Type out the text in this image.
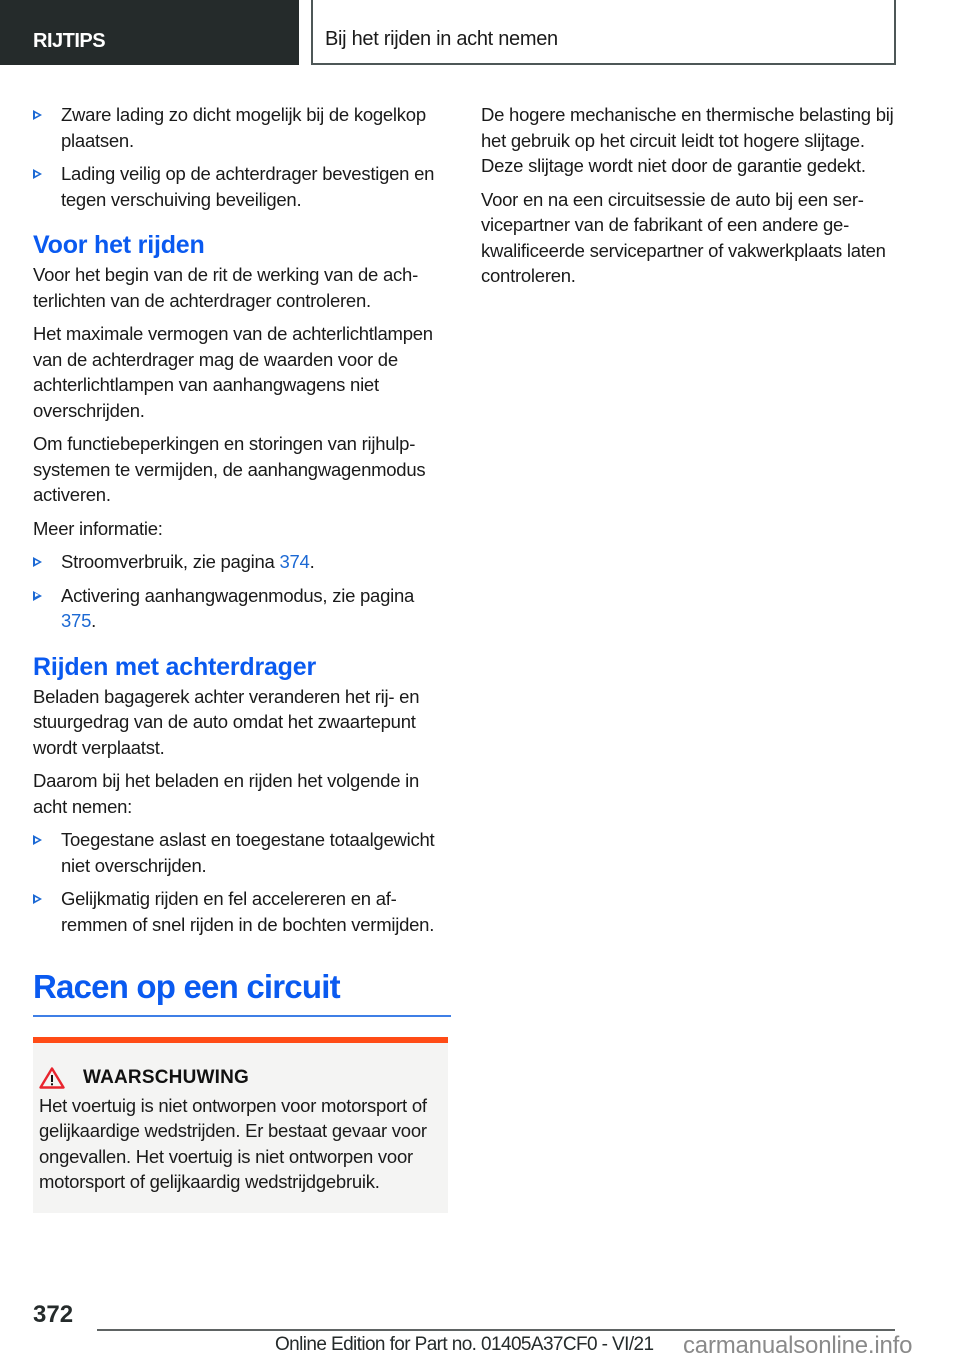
RIJTIPS	Bij het rijden in acht nemen
Zware lading zo dicht mogelijk bij de kogelkop plaatsen.
Lading veilig op de achterdrager bevestigen en tegen verschuiving beveiligen.
Voor het rijden

Voor het begin van de rit de werking van de achterlichten van de achterdrager controleren.

Het maximale vermogen van de achterlichtlampen van de achterdrager mag de waarden voor de achterlichtlampen van aanhangwagens niet overschrijden.

Om functiebeperkingen en storingen van rijhulpsystemen te vermijden, de aanhangwagenmodus activeren.

Meer informatie:

Stroomverbruik, zie pagina 374.
Activering aanhangwagenmodus, zie pagina 375.
Rijden met achterdrager

Beladen bagagerek achter veranderen het rij- en stuurgedrag van de auto omdat het zwaartepunt wordt verplaatst.

Daarom bij het beladen en rijden het volgende in acht nemen:

Toegestane aslast en toegestane totaalgewicht niet overschrijden.
Gelijkmatig rijden en fel accelereren en afremmen of snel rijden in de bochten vermijden.
Racen op een circuit
WAARSCHUWING

Het voertuig is niet ontworpen voor motorsport of gelijkaardige wedstrijden. Er bestaat gevaar voor ongevallen. Het voertuig is niet ontworpen voor motorsport of gelijkaardig wedstrijdgebruik.

De hogere mechanische en thermische belasting bij het gebruik op het circuit leidt tot hogere slijtage. Deze slijtage wordt niet door de garantie gedekt.

Voor en na een circuitsessie de auto bij een servicepartner van de fabrikant of een andere gekwalificeerde servicepartner of vakwerkplaats laten controleren.

372
Online Edition for Part no. 01405A37CF0 - VI/21 carmanualsonline.info
